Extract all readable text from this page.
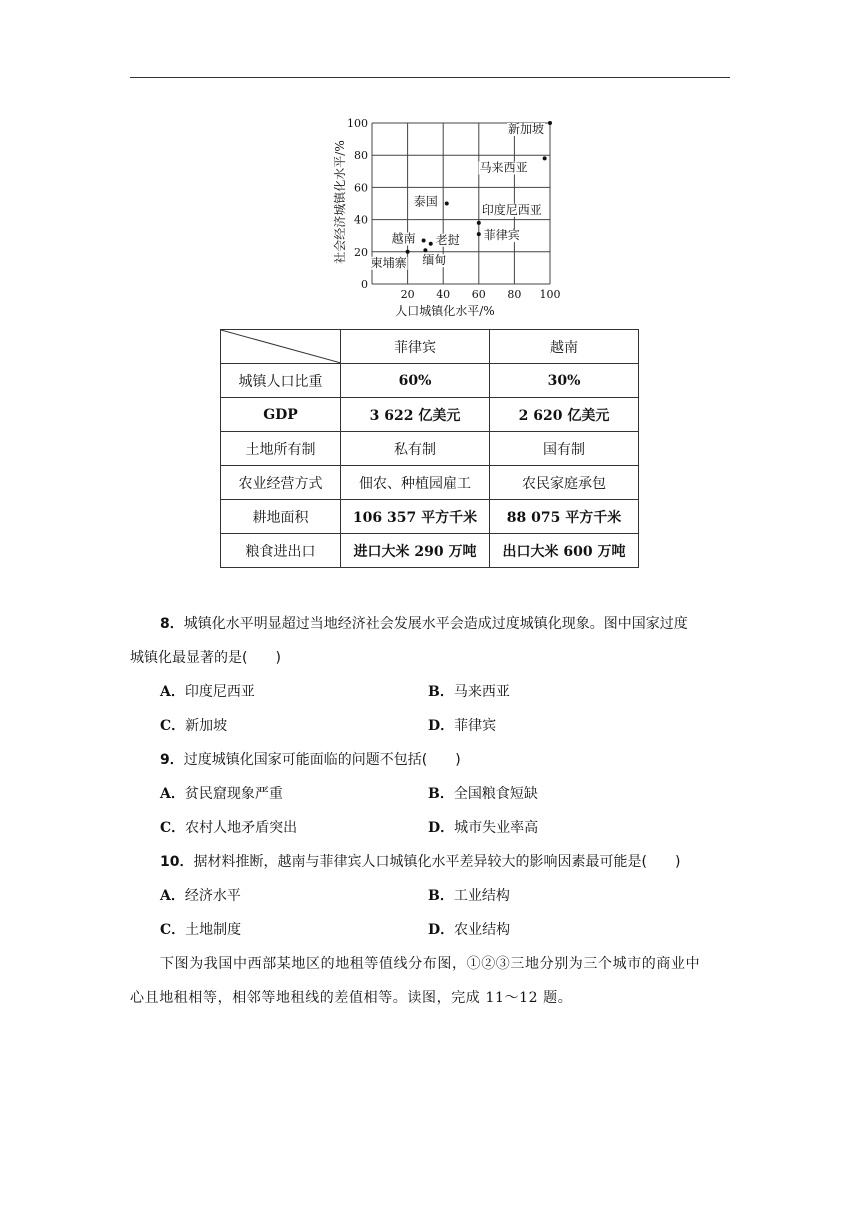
0
20
40
60
80
100
20 40 60 80 100
新加坡
马来西亚
泰国
印度尼西亚
菲律宾
越南 老挝
缅甸
柬埔寨
社会经济城镇化水平/%
人口城镇化水平/%
	菲律宾	越南
城镇人口比重	60%	30%
GDP	3 622 亿美元	2 620 亿美元
土地所有制	私有制	国有制
农业经营方式	佃农、种植园雇工	农民家庭承包
耕地面积	106 357 平方千米	88 075 平方千米
粮食进出口	进口大米 290 万吨	出口大米 600 万吨
8．城镇化水平明显超过当地经济社会发展水平会造成过度城镇化现象。图中国家过度
城镇化最显著的是(　　)
A．印度尼西亚	B．马来西亚
C．新加坡	D．菲律宾
9．过度城镇化国家可能面临的问题不包括(　　)
A．贫民窟现象严重	B．全国粮食短缺
C．农村人地矛盾突出	D．城市失业率高
10．据材料推断，越南与菲律宾人口城镇化水平差异较大的影响因素最可能是(　　)
A．经济水平	B．工业结构
C．土地制度	D．农业结构
下图为我国中西部某地区的地租等值线分布图，①②③三地分别为三个城市的商业中
心且地租相等，相邻等地租线的差值相等。读图，完成 11～12 题。
